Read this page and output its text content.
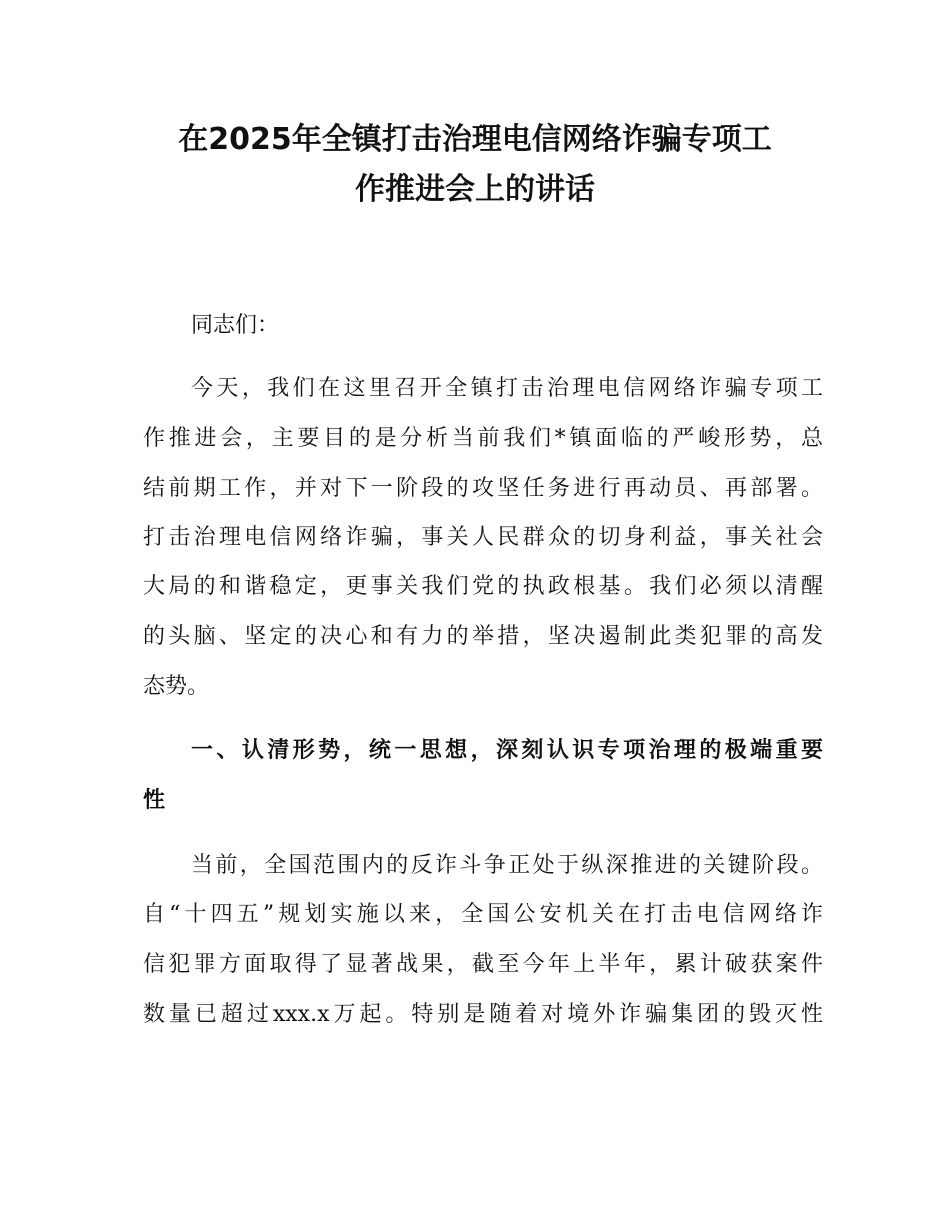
在2025年全镇打击治理电信网络诈骗专项工
作推进会上的讲话
同志们：
今天，我们在这里召开全镇打击治理电信网络诈骗专项工
作推进会，主要目的是分析当前我们*镇面临的严峻形势，总
结前期工作，并对下一阶段的攻坚任务进行再动员、再部署。
打击治理电信网络诈骗，事关人民群众的切身利益，事关社会
大局的和谐稳定，更事关我们党的执政根基。我们必须以清醒
的头脑、坚定的决心和有力的举措，坚决遏制此类犯罪的高发
态势。
一、认清形势，统一思想，深刻认识专项治理的极端重要
性
当前，全国范围内的反诈斗争正处于纵深推进的关键阶段。
自“十四五”规划实施以来，全国公安机关在打击电信网络诈
信犯罪方面取得了显著战果，截至今年上半年，累计破获案件
数量已超过xxx.x万起。特别是随着对境外诈骗集团的毁灭性
